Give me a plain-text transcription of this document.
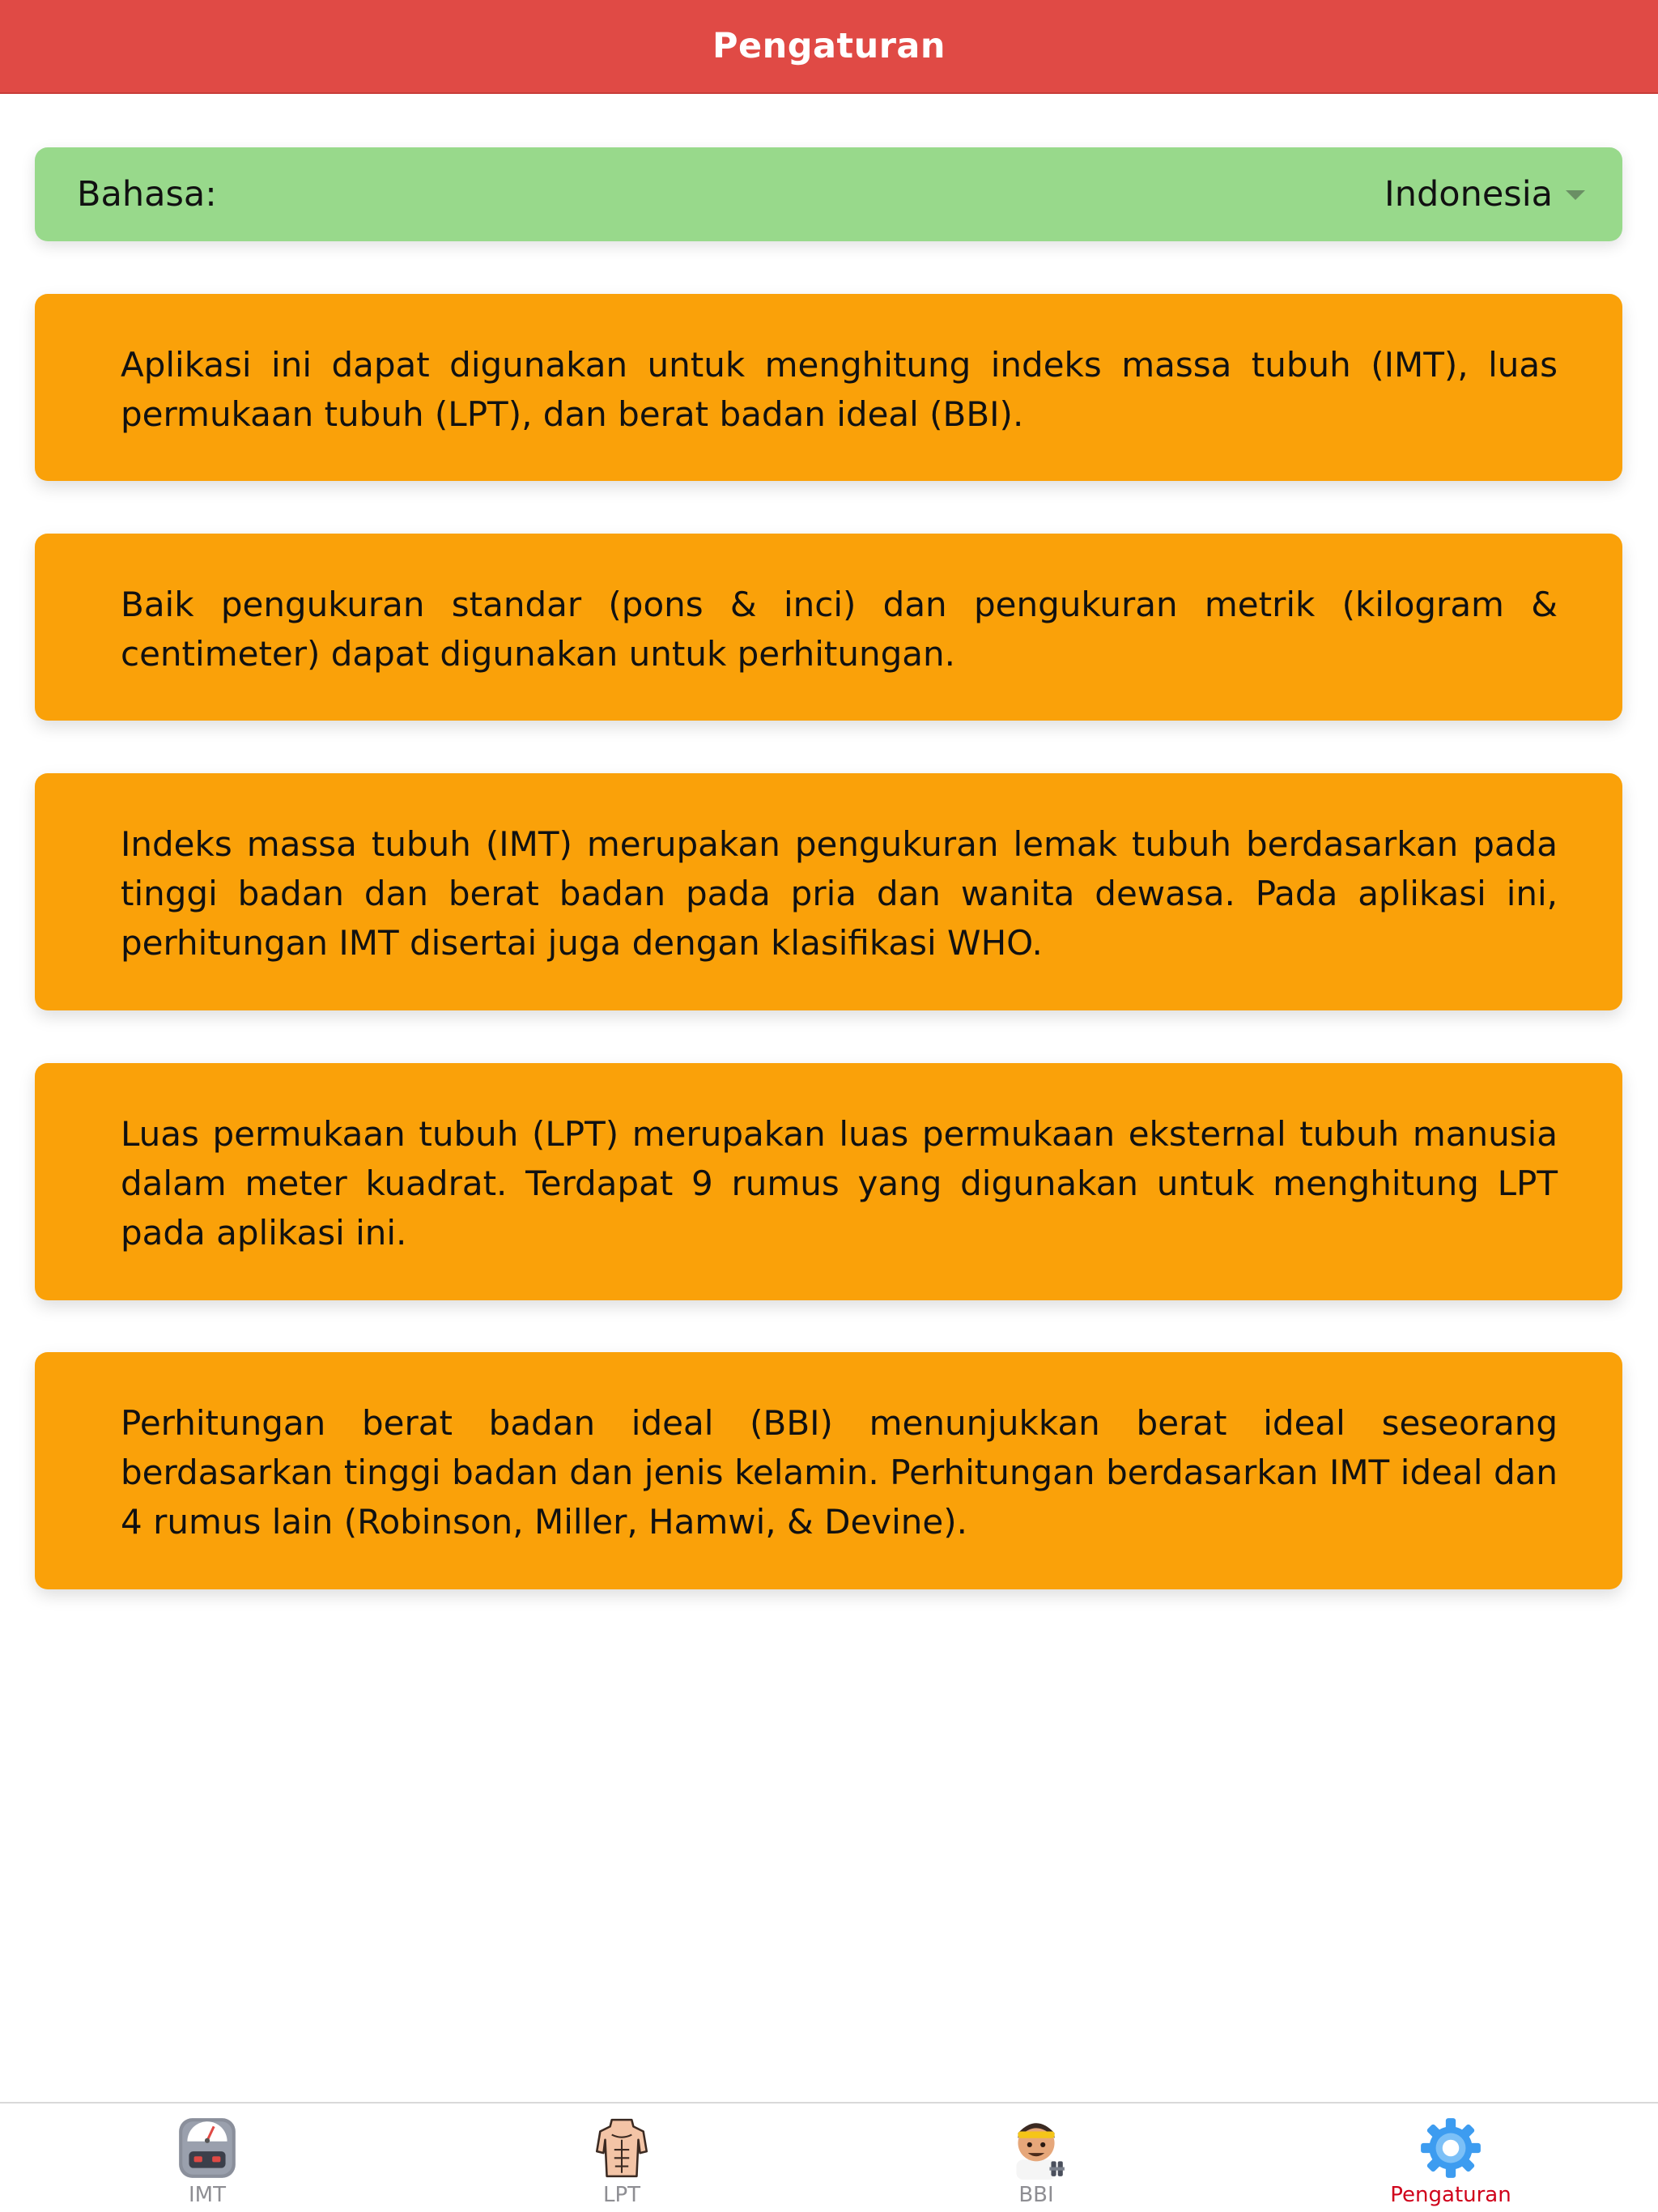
Pengaturan
Bahasa:	Indonesia

Aplikasi ini dapat digunakan untuk menghitung indeks massa tubuh (IMT), luas permukaan tubuh (LPT), dan berat badan ideal (BBI).

Baik pengukuran standar (pons & inci) dan pengukuran metrik (kilogram & centimeter) dapat digunakan untuk perhitungan.

Indeks massa tubuh (IMT) merupakan pengukuran lemak tubuh berdasarkan pada tinggi badan dan berat badan pada pria dan wanita dewasa. Pada aplikasi ini, perhitungan IMT disertai juga dengan klasifikasi WHO.

Luas permukaan tubuh (LPT) merupakan luas permukaan eksternal tubuh manusia dalam meter kuadrat. Terdapat 9 rumus yang digunakan untuk menghitung LPT pada aplikasi ini.

Perhitungan berat badan ideal (BBI) menunjukkan berat ideal seseorang berdasarkan tinggi badan dan jenis kelamin. Perhitungan berdasarkan IMT ideal dan 4 rumus lain (Robinson, Miller, Hamwi, & Devine).

IMT	LPT	BBI	Pengaturan
